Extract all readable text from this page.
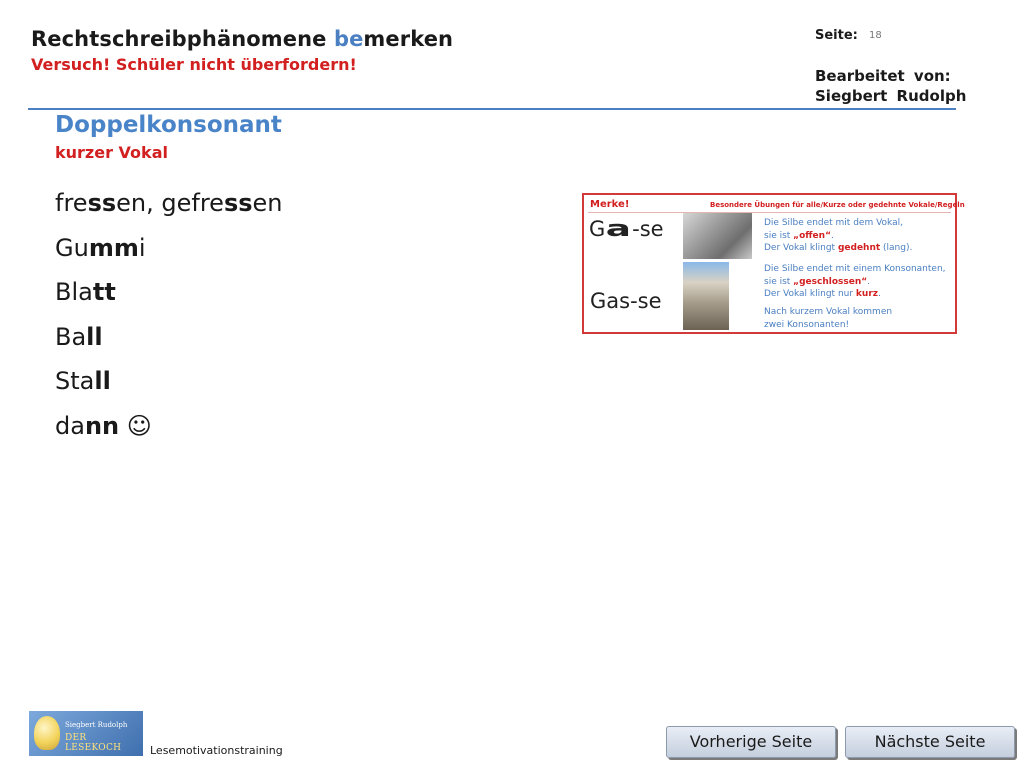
Rechtschreibphänomene bemerken
Versuch! Schüler nicht überfordern!
Seite: 18
Bearbeitet von:
Siegbert Rudolph
Doppelkonsonant
kurzer Vokal
fressen, gefressen
Gummi
Blatt
Ball
Stall
dann ☺
Merke!	Besondere Übungen für alle/Kurze oder gedehnte Vokale/Regeln
Ga-se	Die Silbe endet mit dem Vokal,
sie ist „offen“.
Der Vokal klingt gedehnt (lang).
Gas-se
Die Silbe endet mit einem Konsonanten,
sie ist „geschlossen“.
Der Vokal klingt nur kurz.
Nach kurzem Vokal kommen
zwei Konsonanten!
Siegbert Rudolph
DER LESEKOCH	Lesemotivationstraining	Vorherige Seite	Nächste Seite
